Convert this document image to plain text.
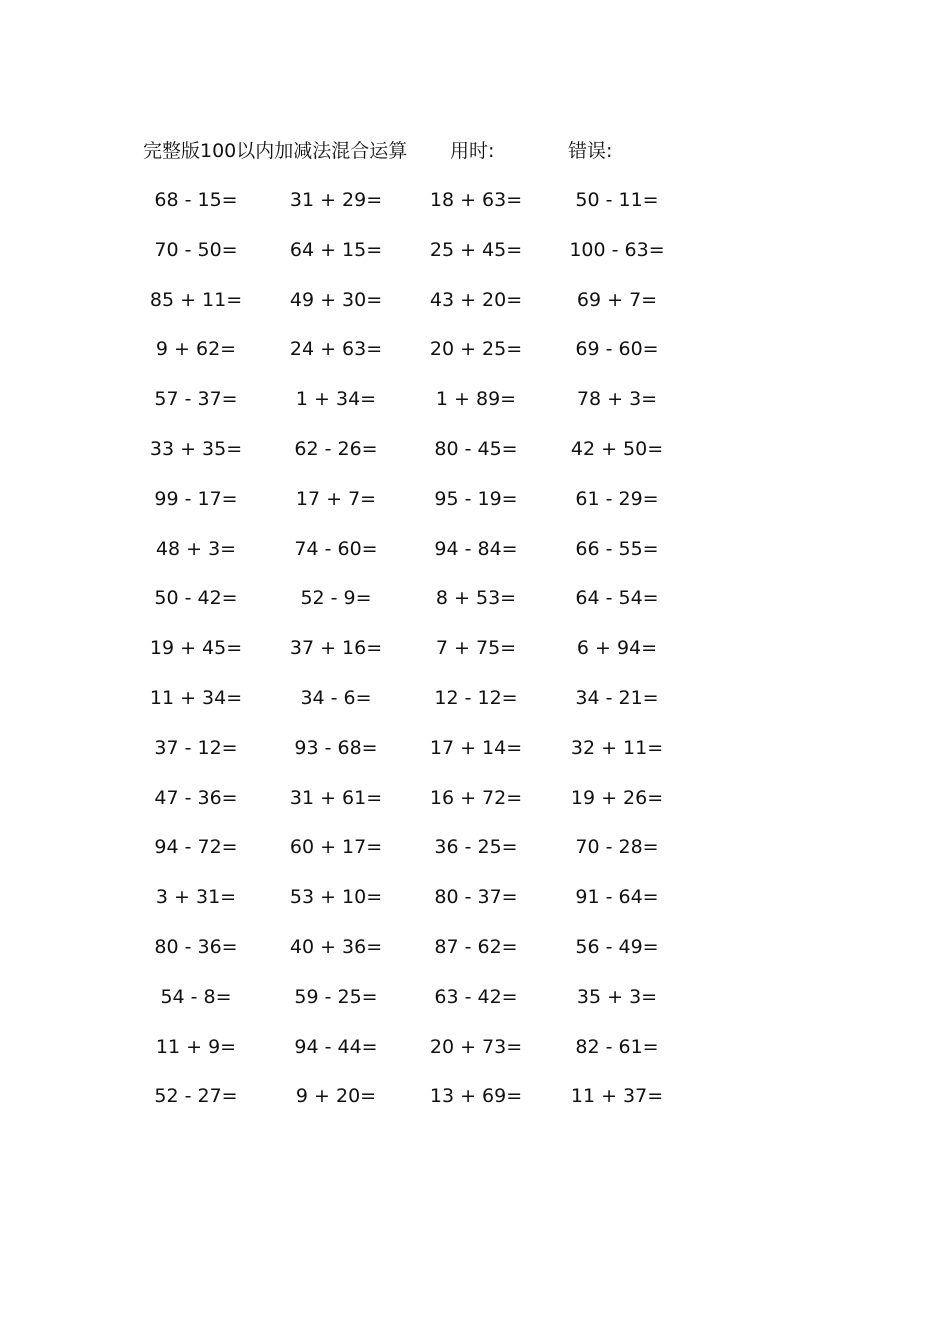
完整版100以内加减法混合运算 用时:	错误:
68 - 15=	31 + 29=	18 + 63=	50 - 11=
70 - 50=	64 + 15=	25 + 45=	100 - 63=
85 + 11=	49 + 30=	43 + 20=	69 + 7=
9 + 62=	24 + 63=	20 + 25=	69 - 60=
57 - 37=	1 + 34=	1 + 89=	78 + 3=
33 + 35=	62 - 26=	80 - 45=	42 + 50=
99 - 17=	17 + 7=	95 - 19=	61 - 29=
48 + 3=	74 - 60=	94 - 84=	66 - 55=
50 - 42=	52 - 9=	8 + 53=	64 - 54=
19 + 45=	37 + 16=	7 + 75=	6 + 94=
11 + 34=	34 - 6=	12 - 12=	34 - 21=
37 - 12=	93 - 68=	17 + 14=	32 + 11=
47 - 36=	31 + 61=	16 + 72=	19 + 26=
94 - 72=	60 + 17=	36 - 25=	70 - 28=
3 + 31=	53 + 10=	80 - 37=	91 - 64=
80 - 36=	40 + 36=	87 - 62=	56 - 49=
54 - 8=	59 - 25=	63 - 42=	35 + 3=
11 + 9=	94 - 44=	20 + 73=	82 - 61=
52 - 27=	9 + 20=	13 + 69=	11 + 37=
